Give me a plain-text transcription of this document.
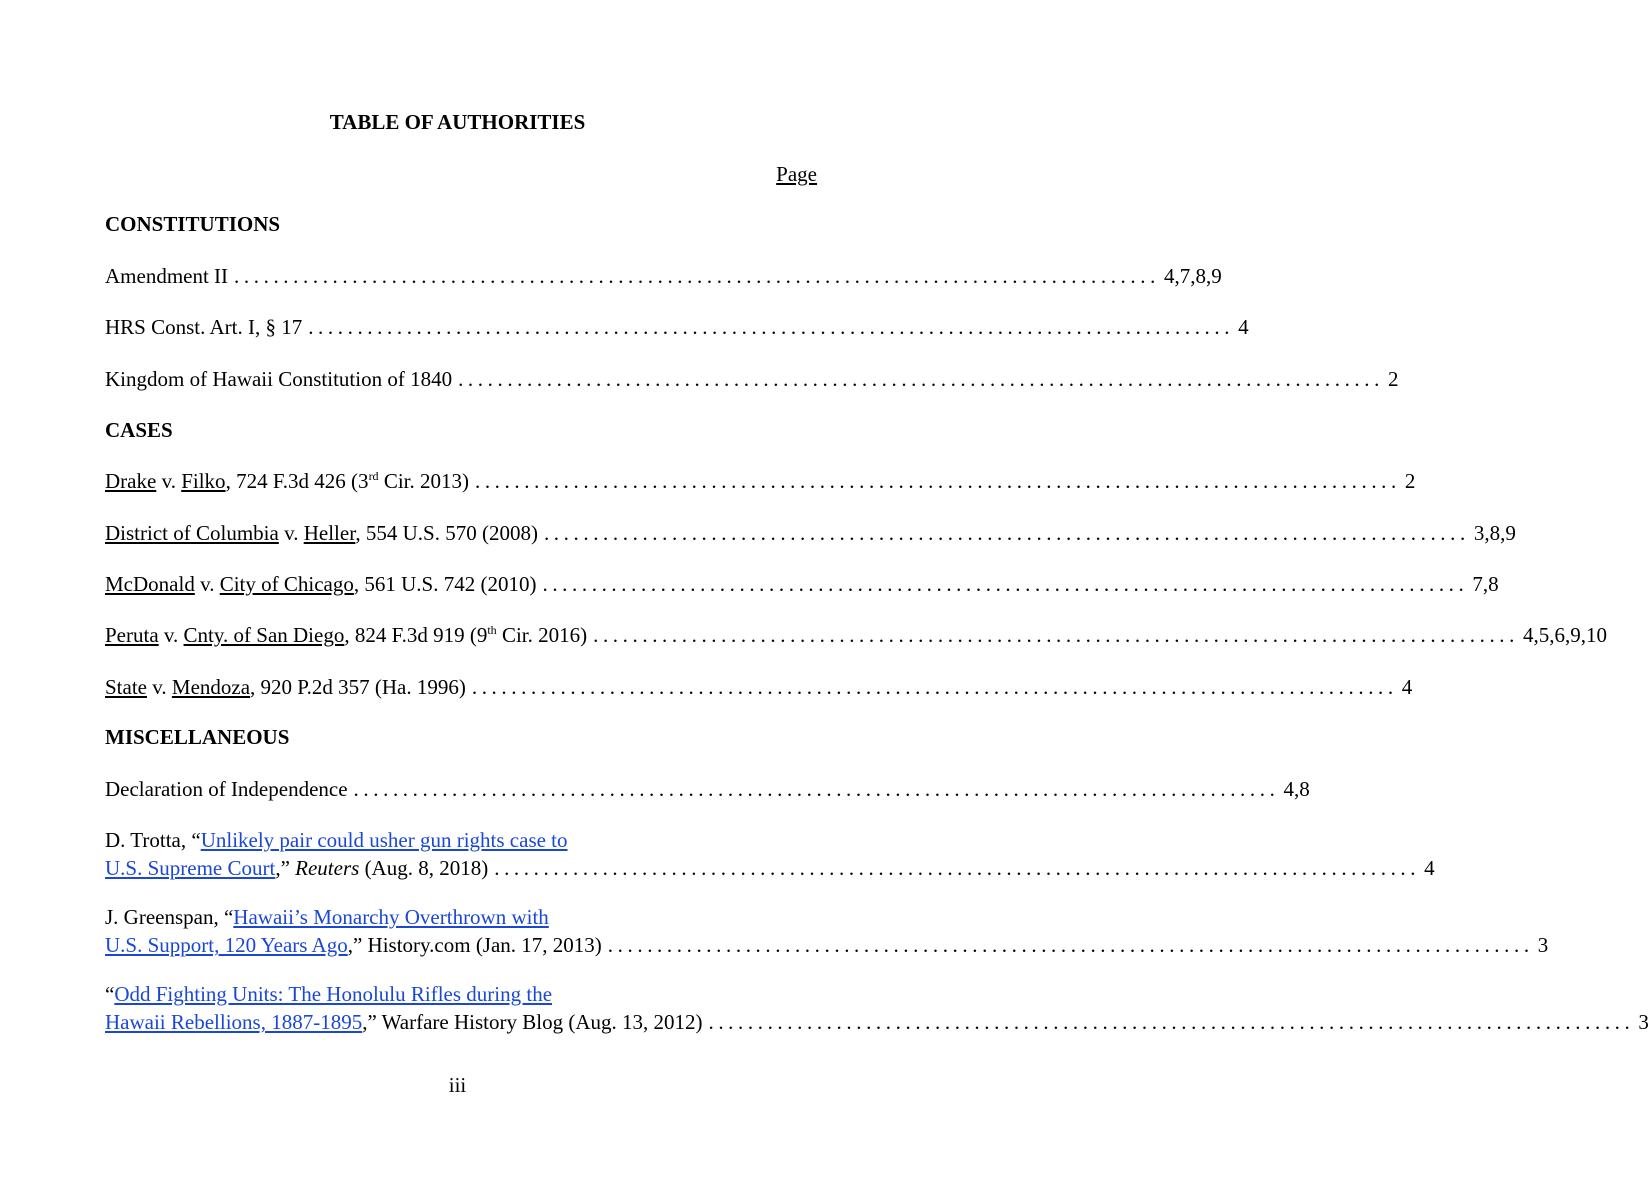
TABLE OF AUTHORITIES
Page
CONSTITUTIONS
Amendment II .............................................................................................. 4,7,8,9
HRS Const. Art. I, § 17 .............................................................................................. 4
Kingdom of Hawaii Constitution of 1840 .............................................................................................. 2
CASES
Drake v. Filko, 724 F.3d 426 (3rd Cir. 2013) .............................................................................................. 2
District of Columbia v. Heller, 554 U.S. 570 (2008) .............................................................................................. 3,8,9
McDonald v. City of Chicago, 561 U.S. 742 (2010) .............................................................................................. 7,8
Peruta v. Cnty. of San Diego, 824 F.3d 919 (9th Cir. 2016) .............................................................................................. 4,5,6,9,10
State v. Mendoza, 920 P.2d 357 (Ha. 1996) .............................................................................................. 4
MISCELLANEOUS
Declaration of Independence .............................................................................................. 4,8
D. Trotta, “ Unlikely pair could usher gun rights case to
U.S. Supreme Court,” Reuters (Aug. 8, 2018) .............................................................................................. 4
J. Greenspan, “ Hawaii’s Monarchy Overthrown with
U.S. Support, 120 Years Ago,” History.com (Jan. 17, 2013) .............................................................................................. 3
“ Odd Fighting Units: The Honolulu Rifles during the
Hawaii Rebellions, 1887-1895,” Warfare History Blog (Aug. 13, 2012) .............................................................................................. 3
iii
